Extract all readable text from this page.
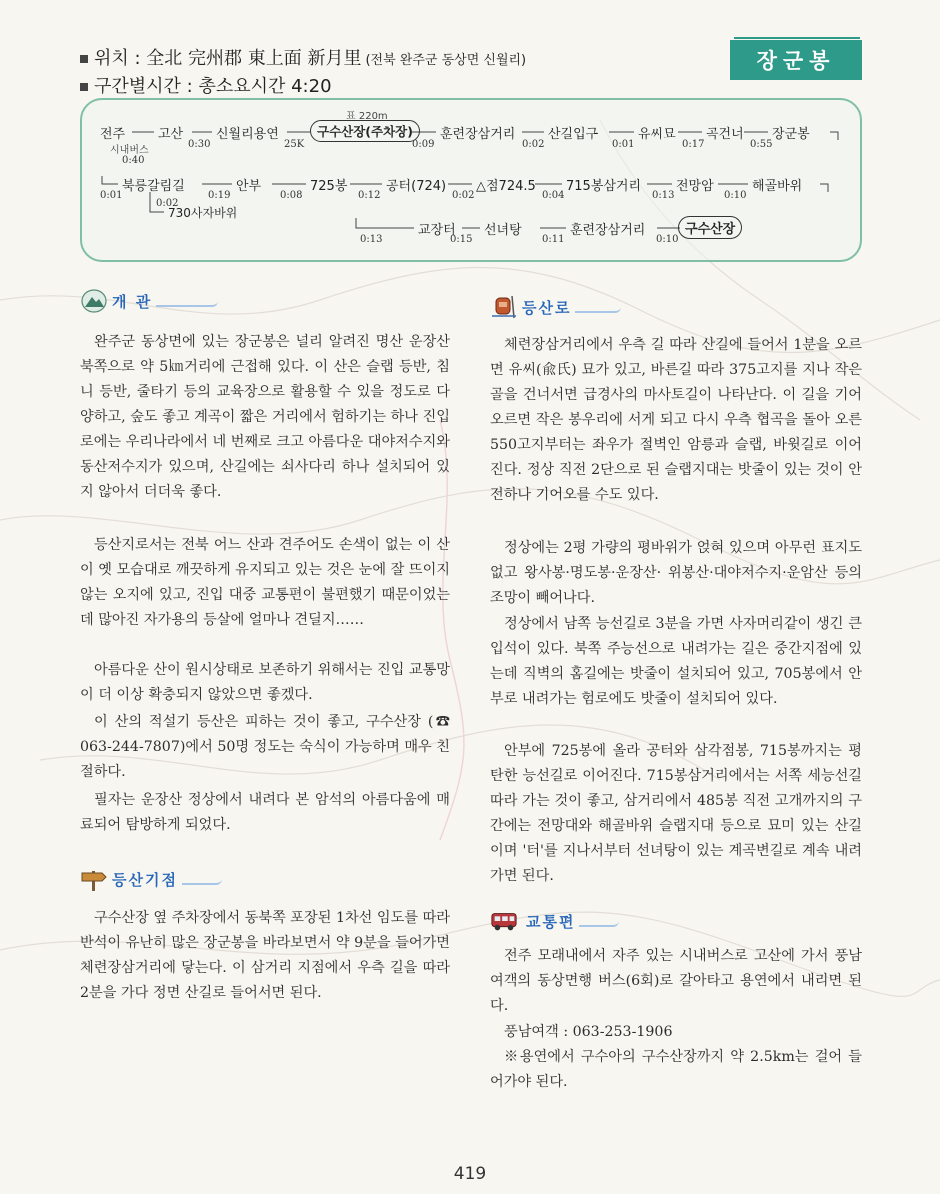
위치 : 全北 完州郡 東上面 新月里 (전북 완주군 동상면 신월리)
구간별시간 : 총소요시간 4:20
장군봉
전주
시내버스
0:40
고산
0:30
신월리용연
25K
표 220m
구수산장(주차장)
0:09
훈련장삼거리
0:02
산길입구
0:01
유씨묘
0:17
곡건너
0:55
장군봉
0:01
북릉갈림길
0:19
안부
0:08
725봉
0:12
공터(724)
0:02
△점724.5
0:04
715봉삼거리
0:13
전망암
0:10
해골바위
0:02
730사자바위
0:13
교장터
0:15
선녀탕
0:11
훈련장삼거리
0:10
구수산장
개 관

완주군 동상면에 있는 장군봉은 널리 알려진 명산 운장산 북쪽으로 약 5㎞거리에 근접해 있다. 이 산은 슬랩 등반, 침니 등반, 줄타기 등의 교육장으로 활용할 수 있을 정도로 다양하고, 숲도 좋고 계곡이 짧은 거리에서 험하기는 하나 진입로에는 우리나라에서 네 번째로 크고 아름다운 대야저수지와 동산저수지가 있으며, 산길에는 쇠사다리 하나 설치되어 있지 않아서 더더욱 좋다.

등산지로서는 전북 어느 산과 견주어도 손색이 없는 이 산이 옛 모습대로 깨끗하게 유지되고 있는 것은 눈에 잘 뜨이지 않는 오지에 있고, 진입 대중 교통편이 불편했기 때문이었는데 많아진 자가용의 등살에 얼마나 견딜지……

아름다운 산이 원시상태로 보존하기 위해서는 진입 교통망이 더 이상 확충되지 않았으면 좋겠다.

이 산의 적설기 등산은 피하는 것이 좋고, 구수산장 (☎ 063-244-7807)에서 50명 정도는 숙식이 가능하며 매우 친절하다.

필자는 운장산 정상에서 내려다 본 암석의 아름다움에 매료되어 탐방하게 되었다.

등산기점

구수산장 옆 주차장에서 동북쪽 포장된 1차선 임도를 따라 반석이 유난히 많은 장군봉을 바라보면서 약 9분을 들어가면 체련장삼거리에 닿는다. 이 삼거리 지점에서 우측 길을 따라 2분을 가다 정면 산길로 들어서면 된다.

등산로

체련장삼거리에서 우측 길 따라 산길에 들어서 1분을 오르면 유씨(兪氏) 묘가 있고, 바른길 따라 375고지를 지나 작은골을 건너서면 급경사의 마사토길이 나타난다. 이 길을 기어오르면 작은 봉우리에 서게 되고 다시 우측 협곡을 돌아 오른 550고지부터는 좌우가 절벽인 암릉과 슬랩, 바윗길로 이어진다. 정상 직전 2단으로 된 슬랩지대는 밧줄이 있는 것이 안전하나 기어오를 수도 있다.

정상에는 2평 가량의 평바위가 얹혀 있으며 아무런 표지도 없고 왕사봉·명도봉·운장산· 위봉산·대야저수지·운암산 등의 조망이 빼어나다.

정상에서 남쪽 능선길로 3분을 가면 사자머리같이 생긴 큰 입석이 있다. 북쪽 주능선으로 내려가는 길은 중간지점에 있는데 직벽의 홈길에는 밧줄이 설치되어 있고, 705봉에서 안부로 내려가는 험로에도 밧줄이 설치되어 있다.

안부에 725봉에 올라 공터와 삼각점봉, 715봉까지는 평탄한 능선길로 이어진다. 715봉삼거리에서는 서쪽 세능선길 따라 가는 것이 좋고, 삼거리에서 485봉 직전 고개까지의 구간에는 전망대와 해골바위 슬랩지대 등으로 묘미 있는 산길이며 '터'를 지나서부터 선녀탕이 있는 계곡변길로 계속 내려가면 된다.

교통편

전주 모래내에서 자주 있는 시내버스로 고산에 가서 풍남여객의 동상면행 버스(6회)로 갈아타고 용연에서 내리면 된다.

풍남여객 : 063-253-1906

※용연에서 구수아의 구수산장까지 약 2.5km는 걸어 들어가야 된다.

419
